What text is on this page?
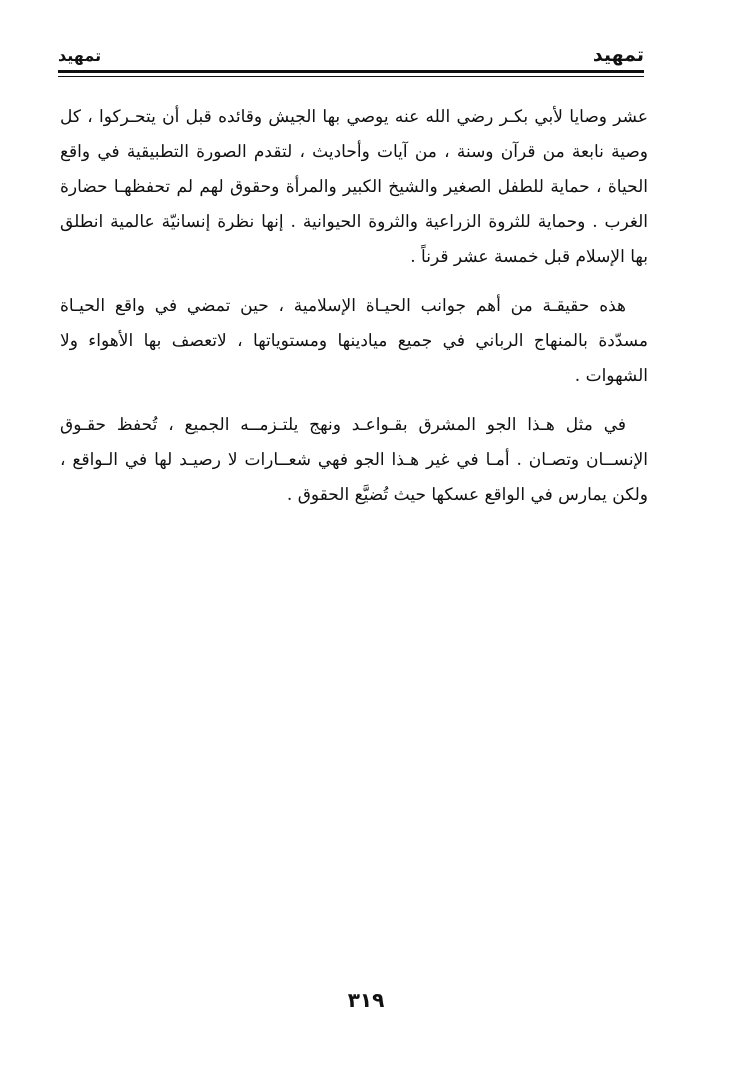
تمهيد
تمهيد

عشر وصايا لأبي بكـر رضي الله عنه يوصي بها الجيش وقائده قبل أن يتحـركوا ، كل وصية نابعة من قرآن وسنة ، من آيات وأحاديث ، لتقدم الصورة التطبيقية في واقع الحياة ، حماية للطفل الصغير والشيخ الكبير والمرأة وحقوق لهم لم تحفظهـا حضارة الغرب . وحماية للثروة الزراعية والثروة الحيوانية . إنها نظرة إنسانيّة عالمية انطلق بها الإسلام قبل خمسة عشر قرناً .

هذه حقيقـة من أهم جوانب الحيـاة الإسلامية ، حين تمضي في واقع الحيـاة مسدّدة بالمنهاج الرباني في جميع ميادينها ومستوياتها ، لاتعصف بها الأهواء ولا الشهوات .

في مثل هـذا الجو المشرق بقـواعـد ونهج يلتـزمــه الجميع ، تُحفظ حقـوق الإنســان وتصـان . أمـا في غير هـذا الجو فهي شعــارات لا رصيـد لها في الـواقع ، ولكن يمارس في الواقع عسكها حيث تُضيَّع الحقوق .

٣١٩
